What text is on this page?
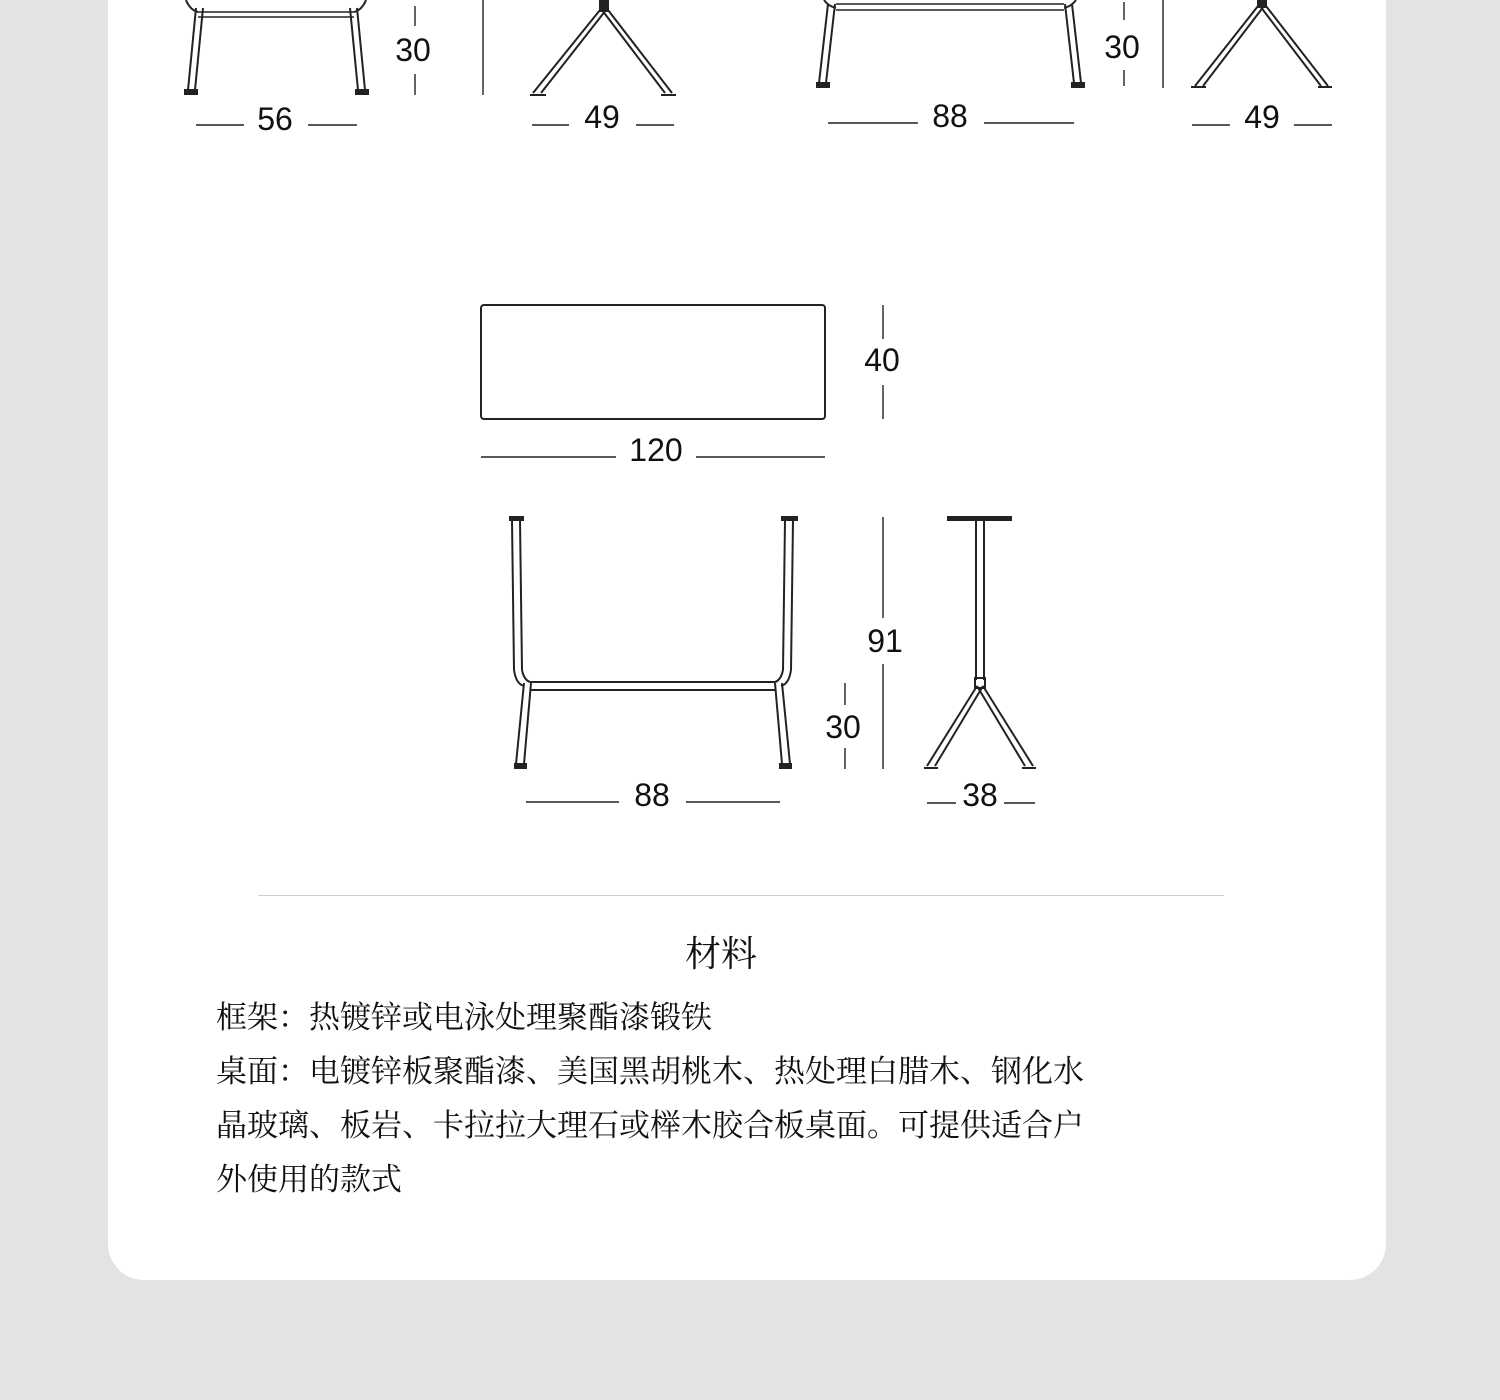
30
56	49
30
88	49
40
120
91
30
88	38
材料

框架：热镀锌或电泳处理聚酯漆锻铁

桌面：电镀锌板聚酯漆、美国黑胡桃木、热处理白腊木、钢化水

晶玻璃、板岩、卡拉拉大理石或榉木胶合板桌面。可提供适合户

外使用的款式
